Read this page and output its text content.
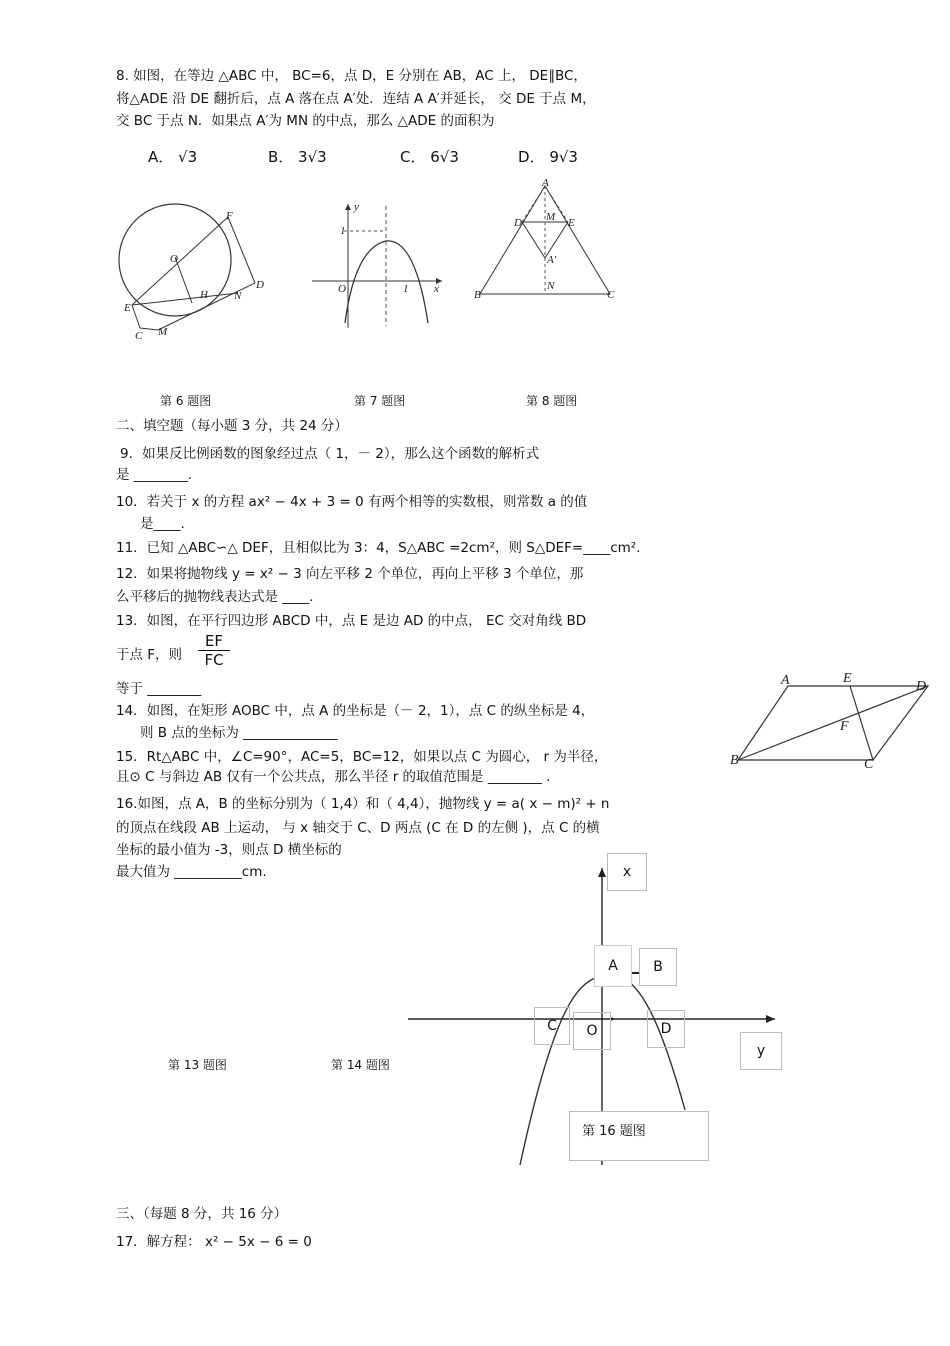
8. 如图，在等边 △ABC 中， BC=6，点 D，E 分别在 AB，AC 上， DE∥BC，
将△ADE 沿 DE 翻折后，点 A 落在点 A′处．连结 A A′并延长， 交 DE 于点 M，
交 BC 于点 N．如果点 A′为 MN 的中点，那么 △ADE 的面积为
A． √3	B． 3√3	C． 6√3	D． 9√3
F
O
H N
D
E
C M
y
1
O	1 x
A
D M E
A′
B
N
C
第 6 题图	第 7 题图	第 8 题图
二、填空题（每小题 3 分，共 24 分）
9．如果反比例函数的图象经过点（ 1，－ 2），那么这个函数的解析式
是 ________.
10．若关于 x 的方程 ax² − 4x + 3 = 0 有两个相等的实数根，则常数 a 的值
是____.
11．已知 △ABC∽△ DEF，且相似比为 3：4，S△ABC =2cm²，则 S△DEF=____cm².
12．如果将抛物线 y = x² − 3 向左平移 2 个单位，再向上平移 3 个单位，那
么平移后的抛物线表达式是 ____.
13．如图，在平行四边形 ABCD 中，点 E 是边 AD 的中点， EC 交对角线 BD
于点 F，则 $\frac{EF}{FC}$
等于 ________
14．如图，在矩形 AOBC 中，点 A 的坐标是（－ 2，1），点 C 的纵坐标是 4，
则 B 点的坐标为 ______________
15．Rt△ABC 中，∠C=90°，AC=5，BC=12，如果以点 C 为圆心， r 为半径，
且⊙ C 与斜边 AB 仅有一个公共点，那么半径 r 的取值范围是 ________ .
16.如图，点 A，B 的坐标分别为（ 1,4）和（ 4,4），抛物线 y = a( x − m)² + n
的顶点在线段 AB 上运动， 与 x 轴交于 C、D 两点 (C 在 D 的左侧 )，点 C 的横
坐标的最小值为 -3，则点 D 横坐标的
最大值为 __________cm.
A	E
D
F
B	C
第 13 题图	第 14 题图
x
A	B
C	O	D
y
第 16 题图
三、（每题 8 分，共 16 分）
17．解方程： x² − 5x − 6 = 0
